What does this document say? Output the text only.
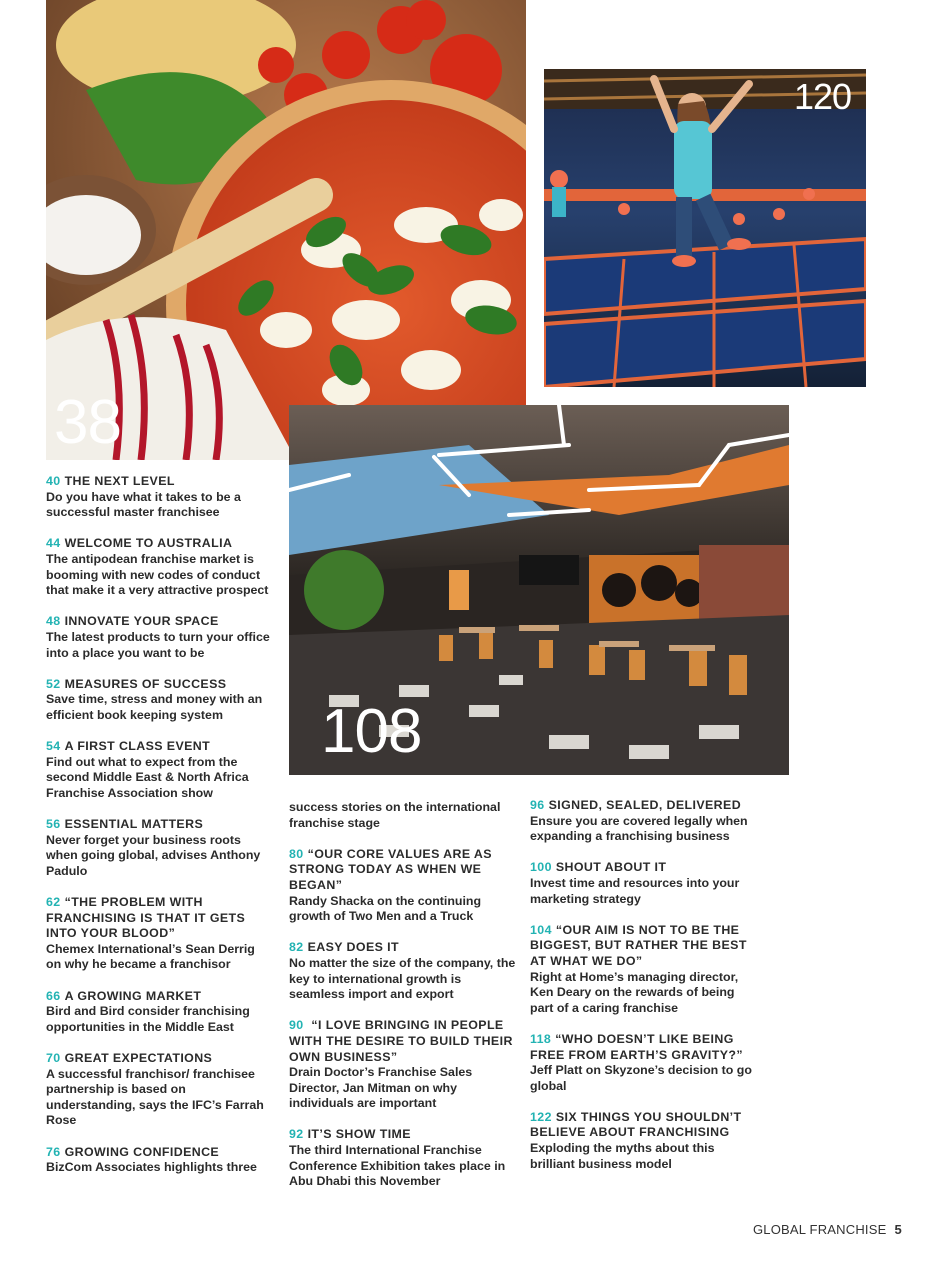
38
120
108
40 THE NEXT LEVEL
Do you have what it takes to be a successful master franchisee
44 WELCOME TO AUSTRALIA
The antipodean franchise market is booming with new codes of conduct that make it a very attractive prospect
48 INNOVATE YOUR SPACE
The latest products to turn your office into a place you want to be
52 MEASURES OF SUCCESS
Save time, stress and money with an efficient book keeping system
54 A FIRST CLASS EVENT
Find out what to expect from the second Middle East & North Africa Franchise Association show
56 ESSENTIAL MATTERS
Never forget your business roots when going global, advises Anthony Padulo
62 “THE PROBLEM WITH FRANCHISING IS THAT IT GETS INTO YOUR BLOOD”
Chemex International’s Sean Derrig on why he became a franchisor
66 A GROWING MARKET
Bird and Bird consider franchising opportunities in the Middle East
70 GREAT EXPECTATIONS
A successful franchisor/ franchisee partnership is based on understanding, says the IFC’s Farrah Rose
76 GROWING CONFIDENCE
BizCom Associates highlights three
success stories on the international franchise stage
80 “OUR CORE VALUES ARE AS STRONG TODAY AS WHEN WE BEGAN”
Randy Shacka on the continuing growth of Two Men and a Truck
82 EASY DOES IT
No matter the size of the company, the key to international growth is seamless import and export
90 “I LOVE BRINGING IN PEOPLE WITH THE DESIRE TO BUILD THEIR OWN BUSINESS”
Drain Doctor’s Franchise Sales Director, Jan Mitman on why individuals are important
92 IT’S SHOW TIME
The third International Franchise Conference Exhibition takes place in Abu Dhabi this November
96 SIGNED, SEALED, DELIVERED
Ensure you are covered legally when expanding a franchising business
100 SHOUT ABOUT IT
Invest time and resources into your marketing strategy
104 “OUR AIM IS NOT TO BE THE BIGGEST, BUT RATHER THE BEST AT WHAT WE DO”
Right at Home’s managing director, Ken Deary on the rewards of being part of a caring franchise
118 “WHO DOESN’T LIKE BEING FREE FROM EARTH’S GRAVITY?”
Jeff Platt on Skyzone’s decision to go global
122 SIX THINGS YOU SHOULDN’T BELIEVE ABOUT FRANCHISING
Exploding the myths about this brilliant business model
GLOBAL FRANCHISE 5
